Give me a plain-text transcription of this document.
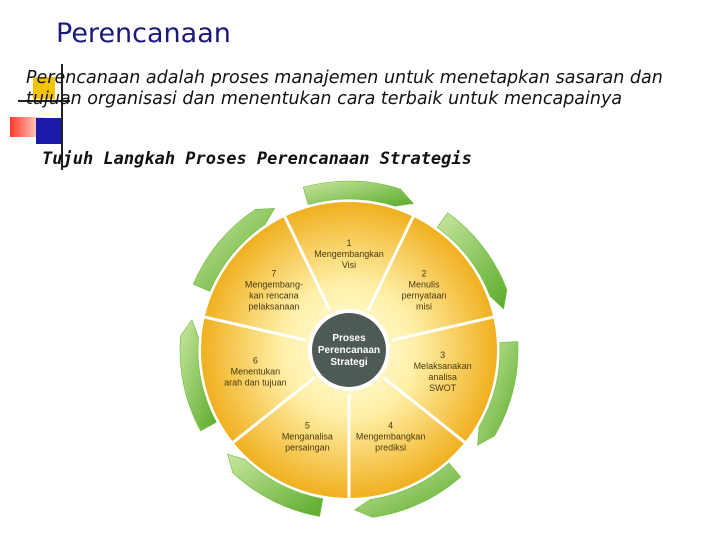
Perencanaan

Perencanaan adalah proses manajemen untuk menetapkan sasaran dan tujuan organisasi dan menentukan cara terbaik untuk mencapainya

Tujuh Langkah Proses Perencanaan Strategis
1 Mengembangkan Visi
2 Menulis pernyataan misi
3 Melaksanakan analisa SWOT
4 Mengembangkan prediksi
5 Menganalisa persaingan
6 Menentukan arah dan tujuan
7 Mengembang-kan rencana pelaksanaan
Proses Perencanaan Strategi
